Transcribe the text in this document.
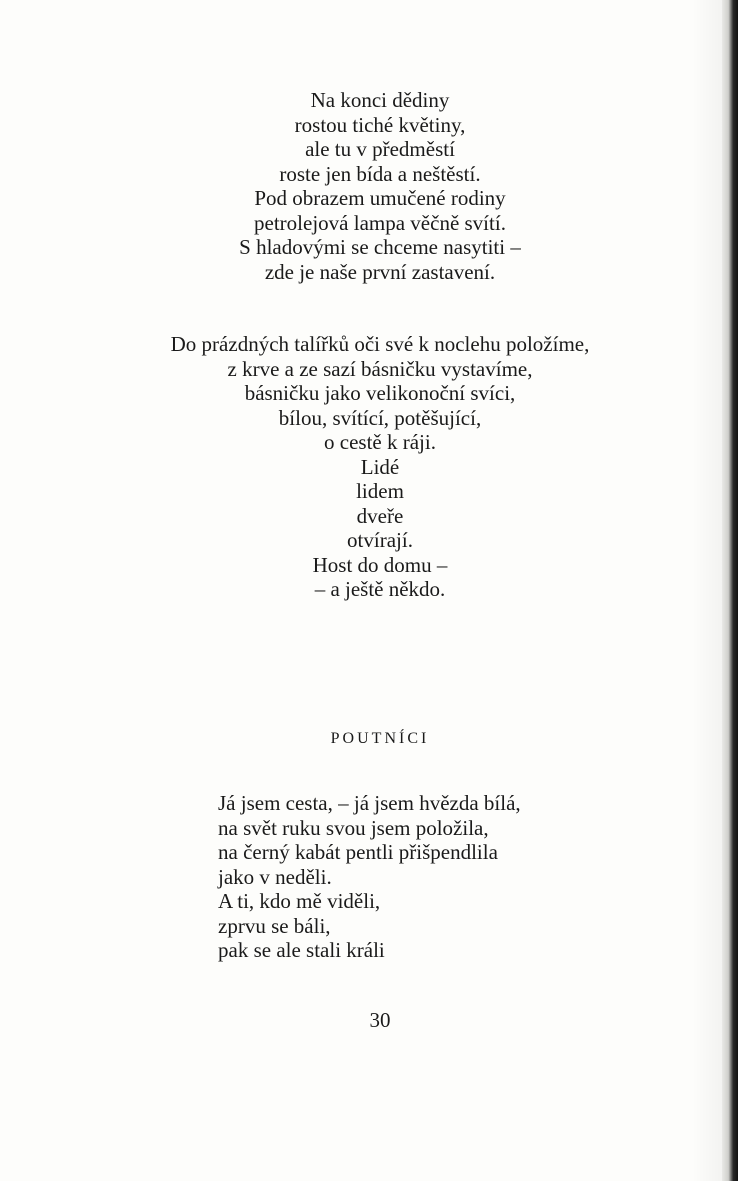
Na konci dědiny
rostou tiché květiny,
ale tu v předměstí
roste jen bída a neštěstí.
Pod obrazem umučené rodiny
petrolejová lampa věčně svítí.
S hladovými se chceme nasytiti –
zde je naše první zastavení.
Do prázdných talířků oči své k noclehu položíme,
z krve a ze sazí básničku vystavíme,
básničku jako velikonoční svíci,
bílou, svítící, potěšující,
o cestě k ráji.
Lidé
lidem
dveře
otvírají.
Host do domu –
– a ještě někdo.
POUTNÍCI
Já jsem cesta, – já jsem hvězda bílá,
na svět ruku svou jsem položila,
na černý kabát pentli přišpendlila
jako v neděli.
A ti, kdo mě viděli,
zprvu se báli,
pak se ale stali králi
30
